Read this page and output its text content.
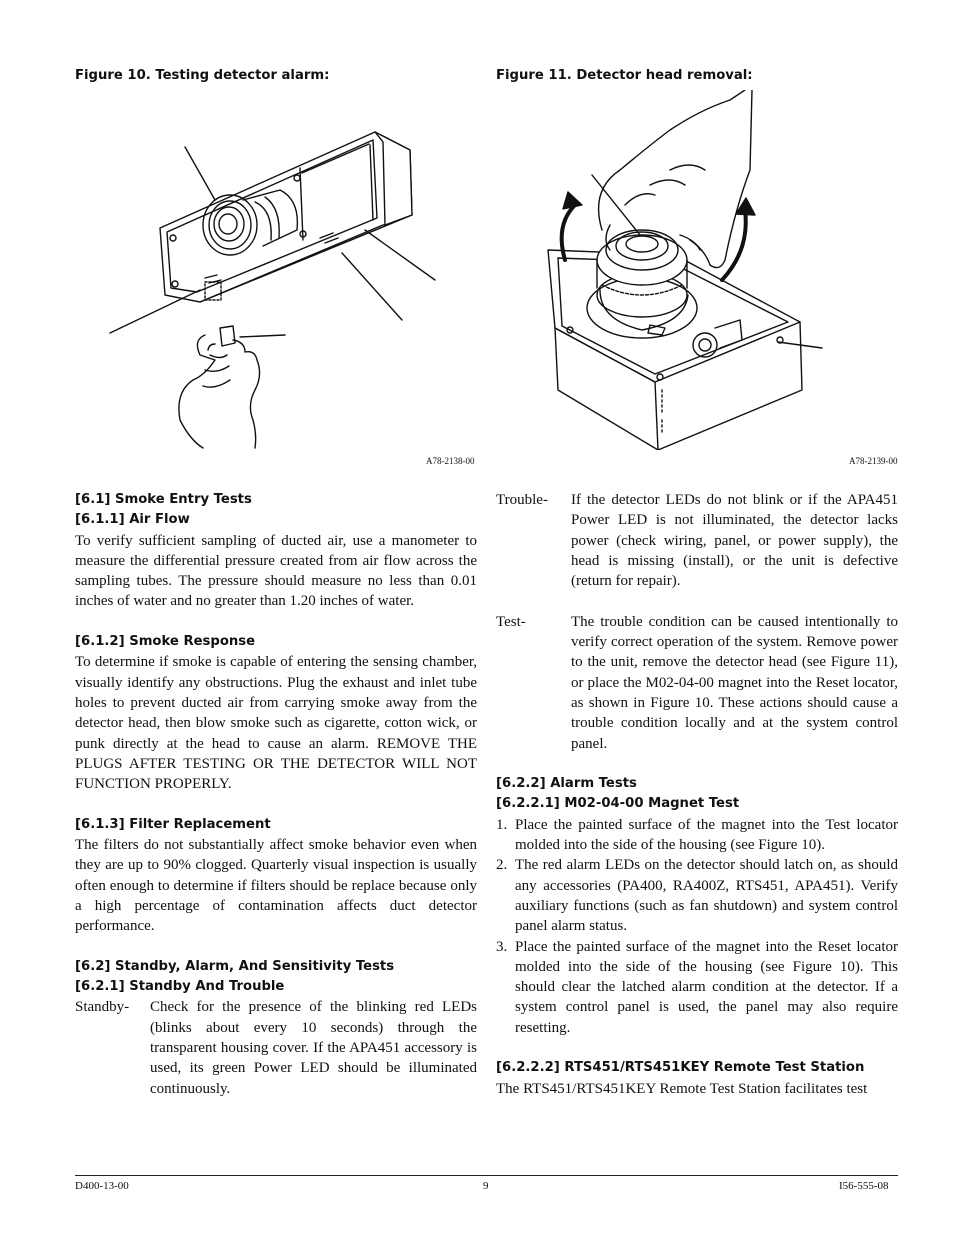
Figure 10. Testing detector alarm:	Figure 11. Detector head removal:
A78-2138-00	A78-2139-00
[6.1] Smoke Entry Tests
[6.1.1] Air Flow

To verify sufficient sampling of ducted air, use a manometer to measure the differential pressure created from air flow across the sampling tubes. The pressure should measure no less than 0.01 inches of water and no greater than 1.20 inches of water.

[6.1.2] Smoke Response

To determine if smoke is capable of entering the sensing chamber, visually identify any obstructions. Plug the exhaust and inlet tube holes to prevent ducted air from carrying smoke away from the detector head, then blow smoke such as cigarette, cotton wick, or punk directly at the head to cause an alarm. REMOVE THE PLUGS AFTER TESTING OR THE DETECTOR WILL NOT FUNCTION PROPERLY.

[6.1.3] Filter Replacement

The filters do not substantially affect smoke behavior even when they are up to 90% clogged. Quarterly visual inspection is usually often enough to determine if filters should be replace because only a high percentage of contamination affects duct detector performance.

[6.2] Standby, Alarm, And Sensitivity Tests
[6.2.1] Standby And Trouble
Standby-	Check for the presence of the blinking red LEDs (blinks about every 10 seconds) through the transparent housing cover. If the APA451 accessory is used, its green Power LED should be illuminated continuously.
Trouble-	If the detector LEDs do not blink or if the APA451 Power LED is not illuminated, the detector lacks power (check wiring, panel, or power supply), the head is missing (install), or the unit is defective (return for repair).
Test-	The trouble condition can be caused intentionally to verify correct operation of the system. Remove power to the unit, remove the detector head (see Figure 11), or place the M02-04-00 magnet into the Reset locator, as shown in Figure 10. These actions should cause a trouble condition locally and at the system control panel.
[6.2.2] Alarm Tests
[6.2.2.1] M02-04-00 Magnet Test
1. Place the painted surface of the magnet into the Test locator molded into the side of the housing (see Figure 10).
2. The red alarm LEDs on the detector should latch on, as should any accessories (PA400, RA400Z, RTS451, APA451). Verify auxiliary functions (such as fan shutdown) and system control panel alarm status.
3. Place the painted surface of the magnet into the Reset locator molded into the side of the housing (see Figure 10). This should clear the latched alarm condition at the detector. If a system control panel is used, the panel may also require resetting.
[6.2.2.2] RTS451/RTS451KEY Remote Test Station

The RTS451/RTS451KEY Remote Test Station facilitates test

D400-13-00	9	I56-555-08
